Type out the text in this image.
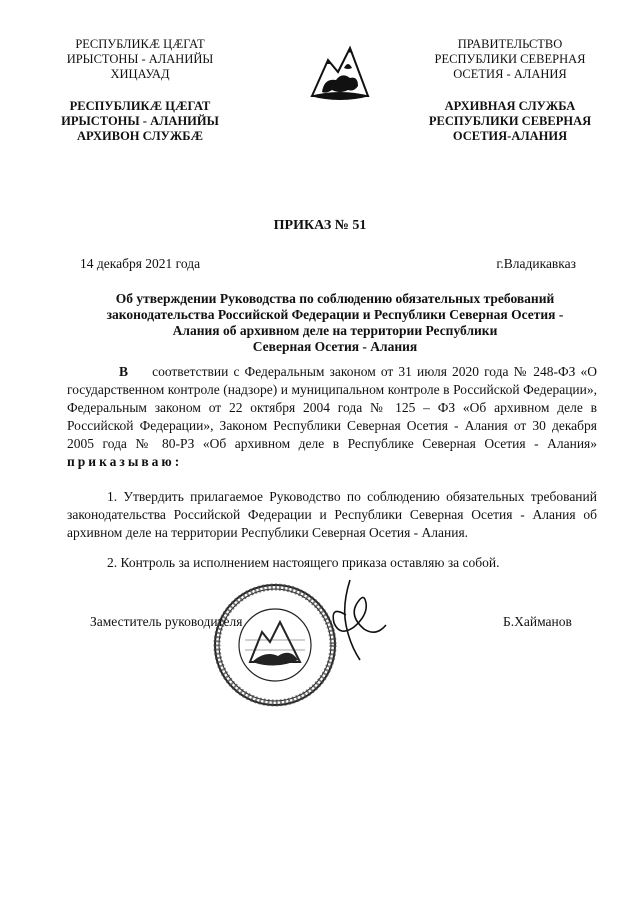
РЕСПУБЛИКӔ ЦӔГАТ
ИРЫСТОНЫ - АЛАНИЙЫ
ХИЦАУАД
РЕСПУБЛИКӔ ЦӔГАТ
ИРЫСТОНЫ - АЛАНИЙЫ
АРХИВОН СЛУЖБӔ
ПРАВИТЕЛЬСТВО
РЕСПУБЛИКИ СЕВЕРНАЯ
ОСЕТИЯ - АЛАНИЯ
АРХИВНАЯ СЛУЖБА
РЕСПУБЛИКИ СЕВЕРНАЯ
ОСЕТИЯ-АЛАНИЯ
ПРИКАЗ № 51
14 декабря 2021 года	г.Владикавказ
Об утверждении Руководства по соблюдению обязательных требований
законодательства Российской Федерации и Республики Северная Осетия -
Алания об архивном деле на территории Республики
Северная Осетия - Алания
В соответствии с Федеральным законом от 31 июля 2020 года № 248-ФЗ «О государственном контроле (надзоре) и муниципальном контроле в Российской Федерации», Федеральным законом от 22 октября 2004 года № 125 – ФЗ «Об архивном деле в Российской Федерации», Законом Республики Северная Осетия - Алания от 30 декабря 2005 года № 80-РЗ «Об архивном деле в Республике Северная Осетия - Алания» приказываю:
1. Утвердить прилагаемое Руководство по соблюдению обязательных требований законодательства Российской Федерации и Республики Северная Осетия - Алания об архивном деле на территории Республики Северная Осетия - Алания.
2. Контроль за исполнением настоящего приказа оставляю за собой.
Заместитель руководителя	Б.Хайманов
